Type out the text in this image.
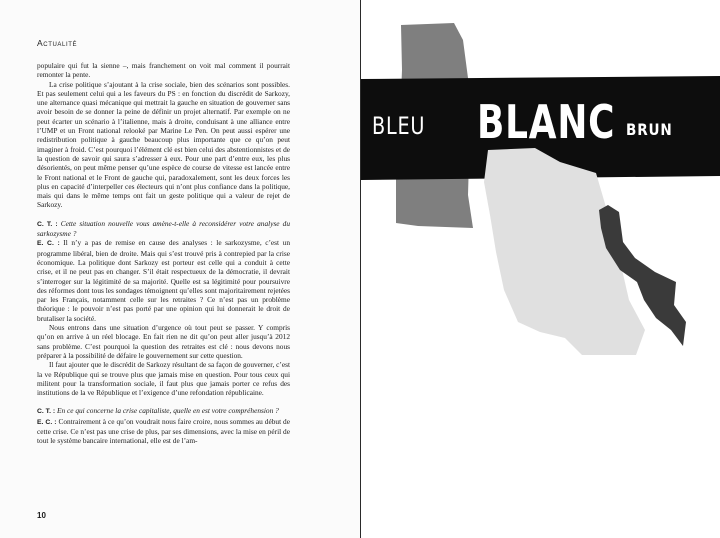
Actualité

populaire qui fut la sienne –, mais franchement on voit mal comment il pourrait remonter la pente.

La crise politique s’ajoutant à la crise sociale, bien des scénarios sont possibles. Et pas seulement celui qui a les faveurs du PS : en fonction du discrédit de Sarkozy, une alternance quasi mécanique qui mettrait la gauche en situation de gouverner sans avoir besoin de se donner la peine de définir un projet alternatif. Par exemple on ne peut écarter un scénario à l’italienne, mais à droite, conduisant à une alliance entre l’UMP et un Front national relooké par Marine Le Pen. On peut aussi espérer une redistribution politique à gauche beaucoup plus importante que ce qu’on peut imaginer à froid. C’est pourquoi l’élément clé est bien celui des abstentionnistes et de la question de savoir qui saura s’adresser à eux. Pour une part d’entre eux, les plus désorientés, on peut même penser qu’une espèce de course de vitesse est lancée entre le Front national et le Front de gauche qui, paradoxalement, sont les deux forces les plus en capacité d’interpeller ces électeurs qui n’ont plus confiance dans la politique, mais qui dans le même temps ont fait un geste politique qui a valeur de rejet de Sarkozy.

C. T. : Cette situation nouvelle vous amène-t-elle à reconsidérer votre analyse du sarkozysme ?

E. C. : Il n’y a pas de remise en cause des analyses : le sarkozysme, c’est un programme libéral, bien de droite. Mais qui s’est trouvé pris à contrepied par la crise économique. La politique dont Sarkozy est porteur est celle qui a conduit à cette crise, et il ne peut pas en changer. S’il était respectueux de la démocratie, il devrait s’interroger sur la légitimité de sa majorité. Quelle est sa légitimité pour poursuivre des réformes dont tous les sondages témoignent qu’elles sont majoritairement rejetées par les Français, notamment celle sur les retraites ? Ce n’est pas un problème théorique : le pouvoir n’est pas porté par une opinion qui lui donnerait le droit de brutaliser la société.

Nous entrons dans une situation d’urgence où tout peut se passer. Y compris qu’on en arrive à un réel blocage. En fait rien ne dit qu’on peut aller jusqu’à 2012 sans problème. C’est pourquoi la question des retraites est clé : nous devons nous préparer à la possibilité de défaire le gouvernement sur cette question.

Il faut ajouter que le discrédit de Sarkozy résultant de sa façon de gouverner, c’est la ve République qui se trouve plus que jamais mise en question. Pour tous ceux qui militent pour la transformation sociale, il faut plus que jamais porter ce refus des institutions de la ve République et l’exigence d’une refondation républicaine.

C. T. : En ce qui concerne la crise capitaliste, quelle en est votre compréhension ?

E. C. : Contrairement à ce qu’on voudrait nous faire croire, nous sommes au début de cette crise. Ce n’est pas une crise de plus, par ses dimensions, avec la mise en péril de tout le système bancaire international, elle est de l’am-

10
BLEU BLANC BRUN
